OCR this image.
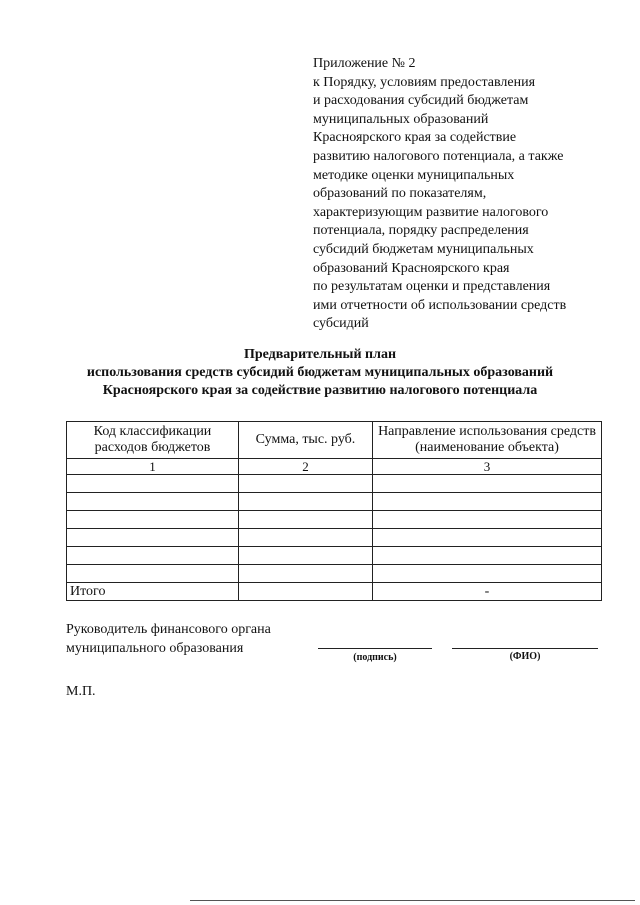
Приложение № 2
к Порядку, условиям предоставления
и расходования субсидий бюджетам
муниципальных образований
Красноярского края за содействие
развитию налогового потенциала, а также
методике оценки муниципальных
образований по показателям,
характеризующим развитие налогового
потенциала, порядку распределения
субсидий бюджетам муниципальных
образований Красноярского края
по результатам оценки и представления
ими отчетности об использовании средств
субсидий
Предварительный план
использования средств субсидий бюджетам муниципальных образований
Красноярского края за содействие развитию налогового потенциала
Код классификации расходов бюджетов	Сумма, тыс. руб.	Направление использования средств (наименование объекта)
1	2	3

Итого		-
Руководитель финансового органа
муниципального образования
(подпись)	(ФИО)
М.П.
